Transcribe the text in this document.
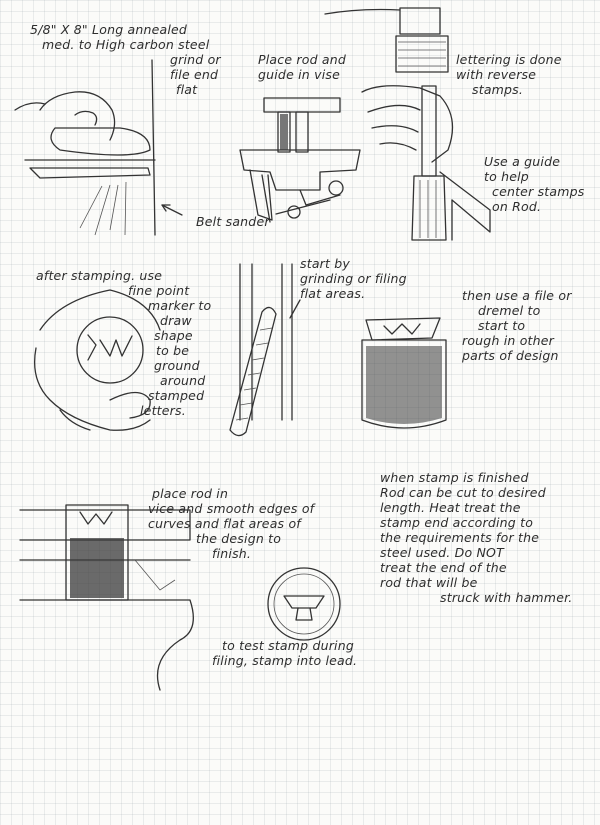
5/8" X 8" Long annealed
med. to High carbon steel
grind or
file end
flat

Belt sander

Place rod and
guide in vise

lettering is done
with reverse
stamps.

Use a guide
to help
center stamps
on Rod.

after stamping. use
fine point
marker to
draw
shape
to be
ground
around
stamped
letters.

start by
grinding or filing
flat areas.	then use a file or
dremel to
start to
rough in other
parts of design

place rod in
vice and smooth edges of
curves and flat areas of
the design to
finish.

when stamp is finished
Rod can be cut to desired
length. Heat treat the
stamp end according to
the requirements for the
steel used. Do NOT
treat the end of the
rod that will be
struck with hammer.

to test stamp during
filing, stamp into lead.
